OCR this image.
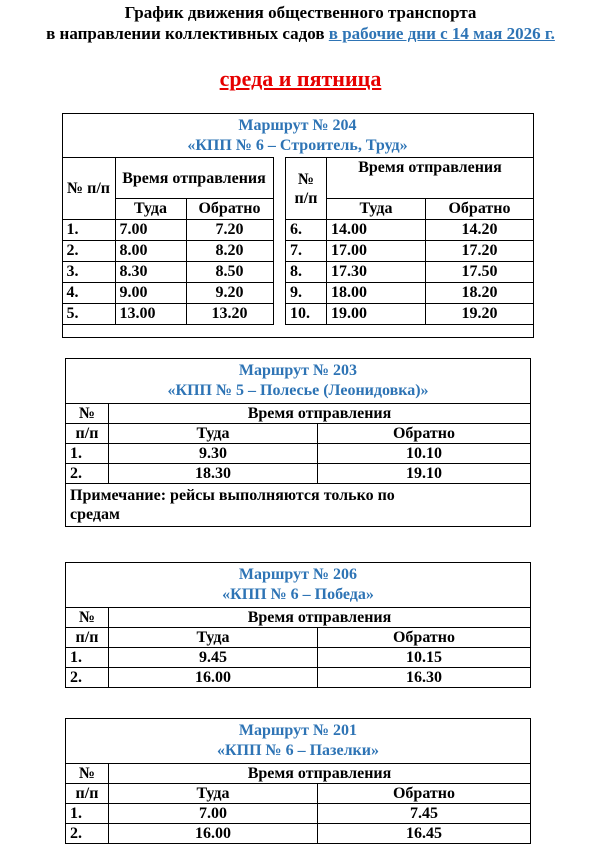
График движения общественного транспорта
в направлении коллективных садов в рабочие дни с 14 мая 2026 г.
среда и пятница
Маршрут № 204
«КПП № 6 – Строитель, Труд»
№ п/п	Время отправления	
	Туда	Обратно
1.	7.00	7.20
2.	8.00	8.20
3.	8.30	8.50
4.	9.00	9.20
5.	13.00	13.20
№ п/п	Время отправления	
	Туда	Обратно
6.	14.00	14.20
7.	17.00	17.20
8.	17.30	17.50
9.	18.00	18.20
10.	19.00	19.20
Маршрут № 203
«КПП № 5 – Полесье (Леонидовка)»		

№	Время отправления	
п/п	Туда	Обратно
1.	9.30	10.10
2.	18.30	19.10

Примечание: рейсы выполняются только по
средам		
Маршрут № 206
«КПП № 6 – Победа»		

№	Время отправления	
п/п	Туда	Обратно
1.	9.45	10.15
2.	16.00	16.30
Маршрут № 201
«КПП № 6 – Пазелки»		

№	Время отправления	
п/п	Туда	Обратно
1.	7.00	7.45
2.	16.00	16.45
